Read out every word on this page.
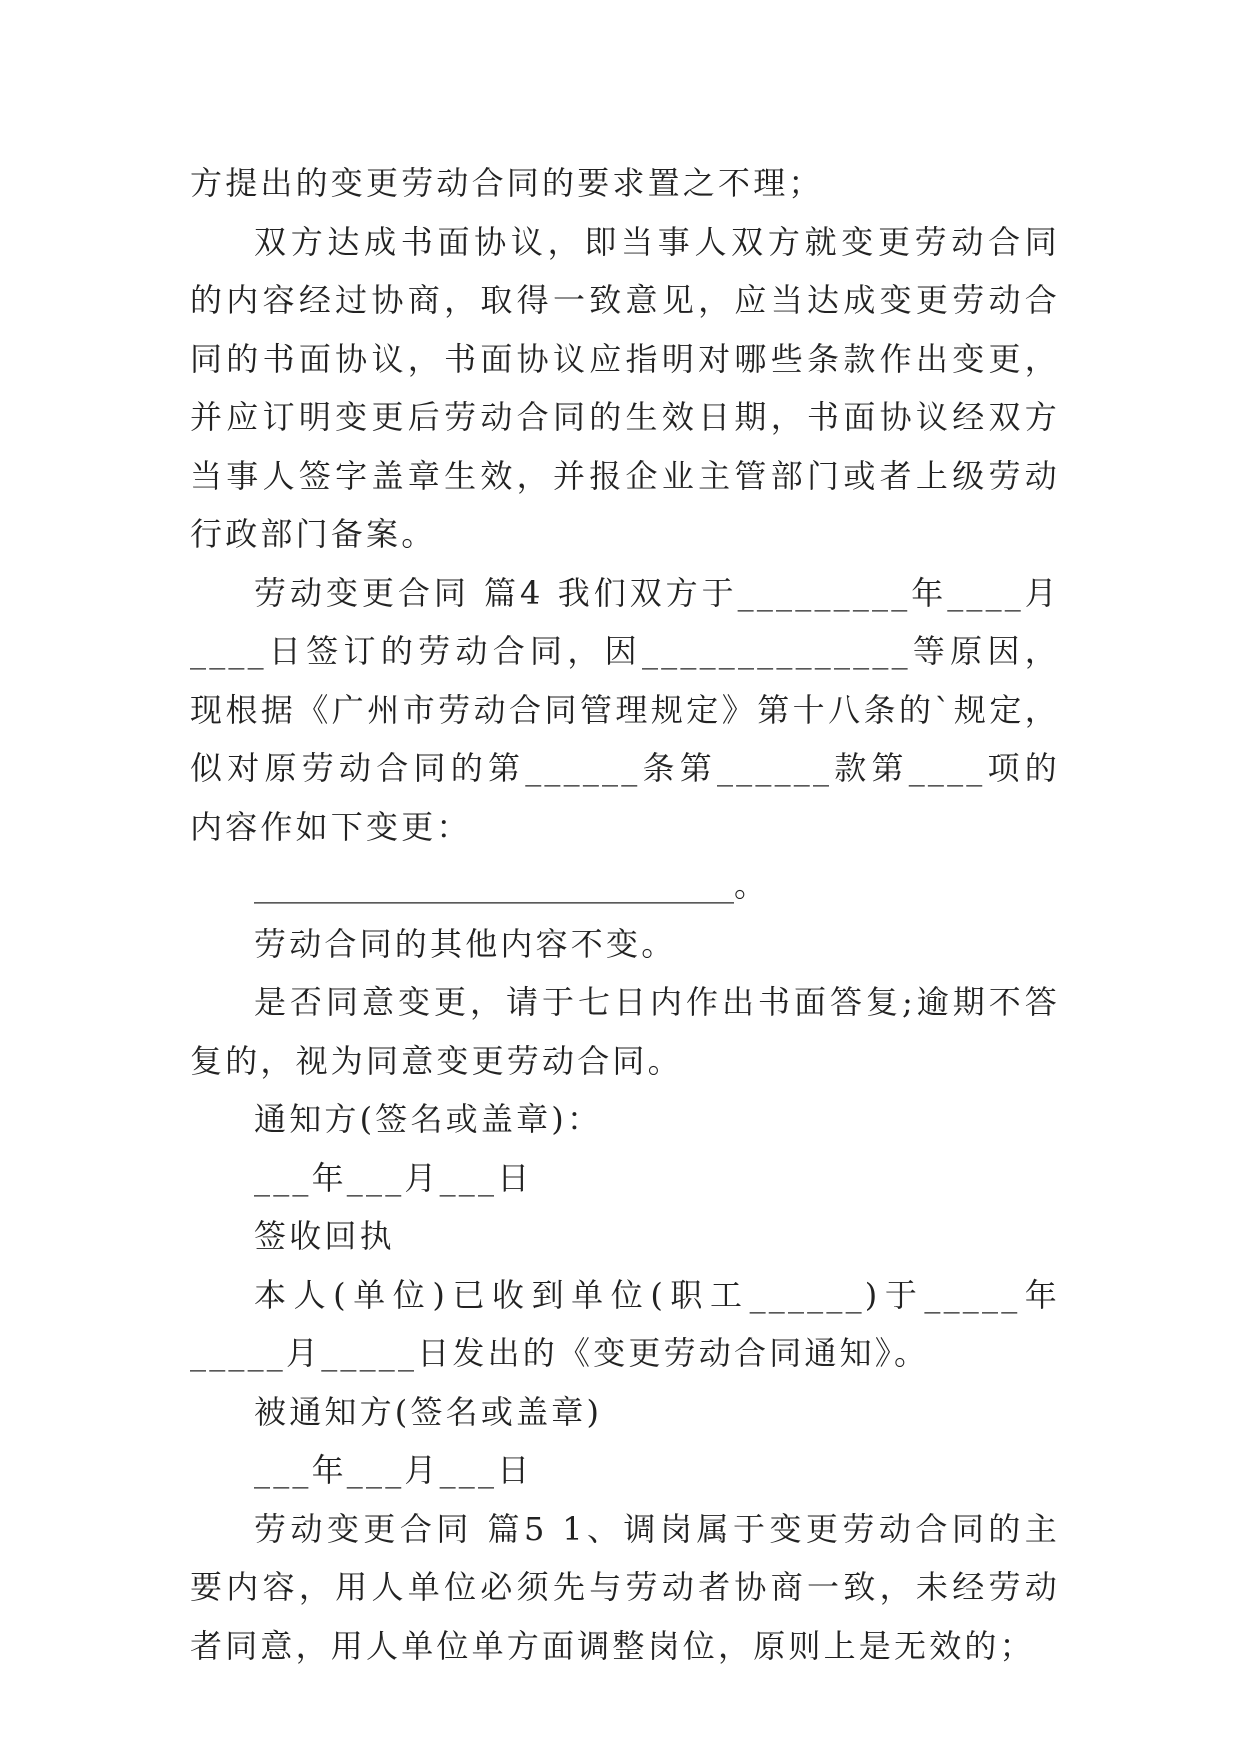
方提出的变更劳动合同的要求置之不理；

双方达成书面协议，即当事人双方就变更劳动合同的内容经过协商，取得一致意见，应当达成变更劳动合同的书面协议，书面协议应指明对哪些条款作出变更，并应订明变更后劳动合同的生效日期，书面协议经双方当事人签字盖章生效，并报企业主管部门或者上级劳动行政部门备案。

劳动变更合同 篇4 我们双方于_________年____月____日签订的劳动合同，因______________等原因，现根据《广州市劳动合同管理规定》第十八条的`规定，似对原劳动合同的第______条第______款第____项的内容作如下变更：

______________________________。

劳动合同的其他内容不变。

是否同意变更，请于七日内作出书面答复;逾期不答复的，视为同意变更劳动合同。

通知方(签名或盖章)：

___年___月___日

签收回执

本人(单位)已收到单位(职工______)于_____年_____月_____日发出的《变更劳动合同通知》。

被通知方(签名或盖章)

___年___月___日

劳动变更合同 篇5 1、调岗属于变更劳动合同的主要内容，用人单位必须先与劳动者协商一致，未经劳动者同意，用人单位单方面调整岗位，原则上是无效的；
